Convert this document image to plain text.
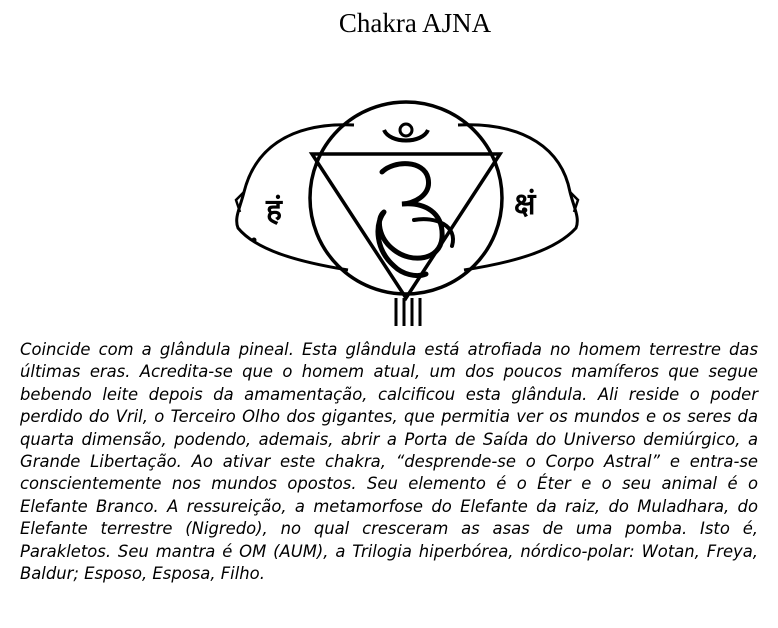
Chakra AJNA
हं	क्षं

Coincide com a glândula pineal. Esta glândula está atrofiada no homem terrestre das últimas eras. Acredita-se que o homem atual, um dos poucos mamíferos que segue bebendo leite depois da amamentação, calcificou esta glândula. Ali reside o poder perdido do Vril, o Terceiro Olho dos gigantes, que permitia ver os mundos e os seres da quarta dimensão, podendo, ademais, abrir a Porta de Saída do Universo demiúrgico, a Grande Libertação. Ao ativar este chakra, “desprende-se o Corpo Astral” e entra-se conscientemente nos mundos opostos. Seu elemento é o Éter e o seu animal é o Elefante Branco. A ressureição, a metamorfose do Elefante da raiz, do Muladhara, do Elefante terrestre (Nigredo), no qual cresceram as asas de uma pomba. Isto é, Parakletos. Seu mantra é OM (AUM), a Trilogia hiperbórea, nórdico-polar: Wotan, Freya, Baldur; Esposo, Esposa, Filho.
